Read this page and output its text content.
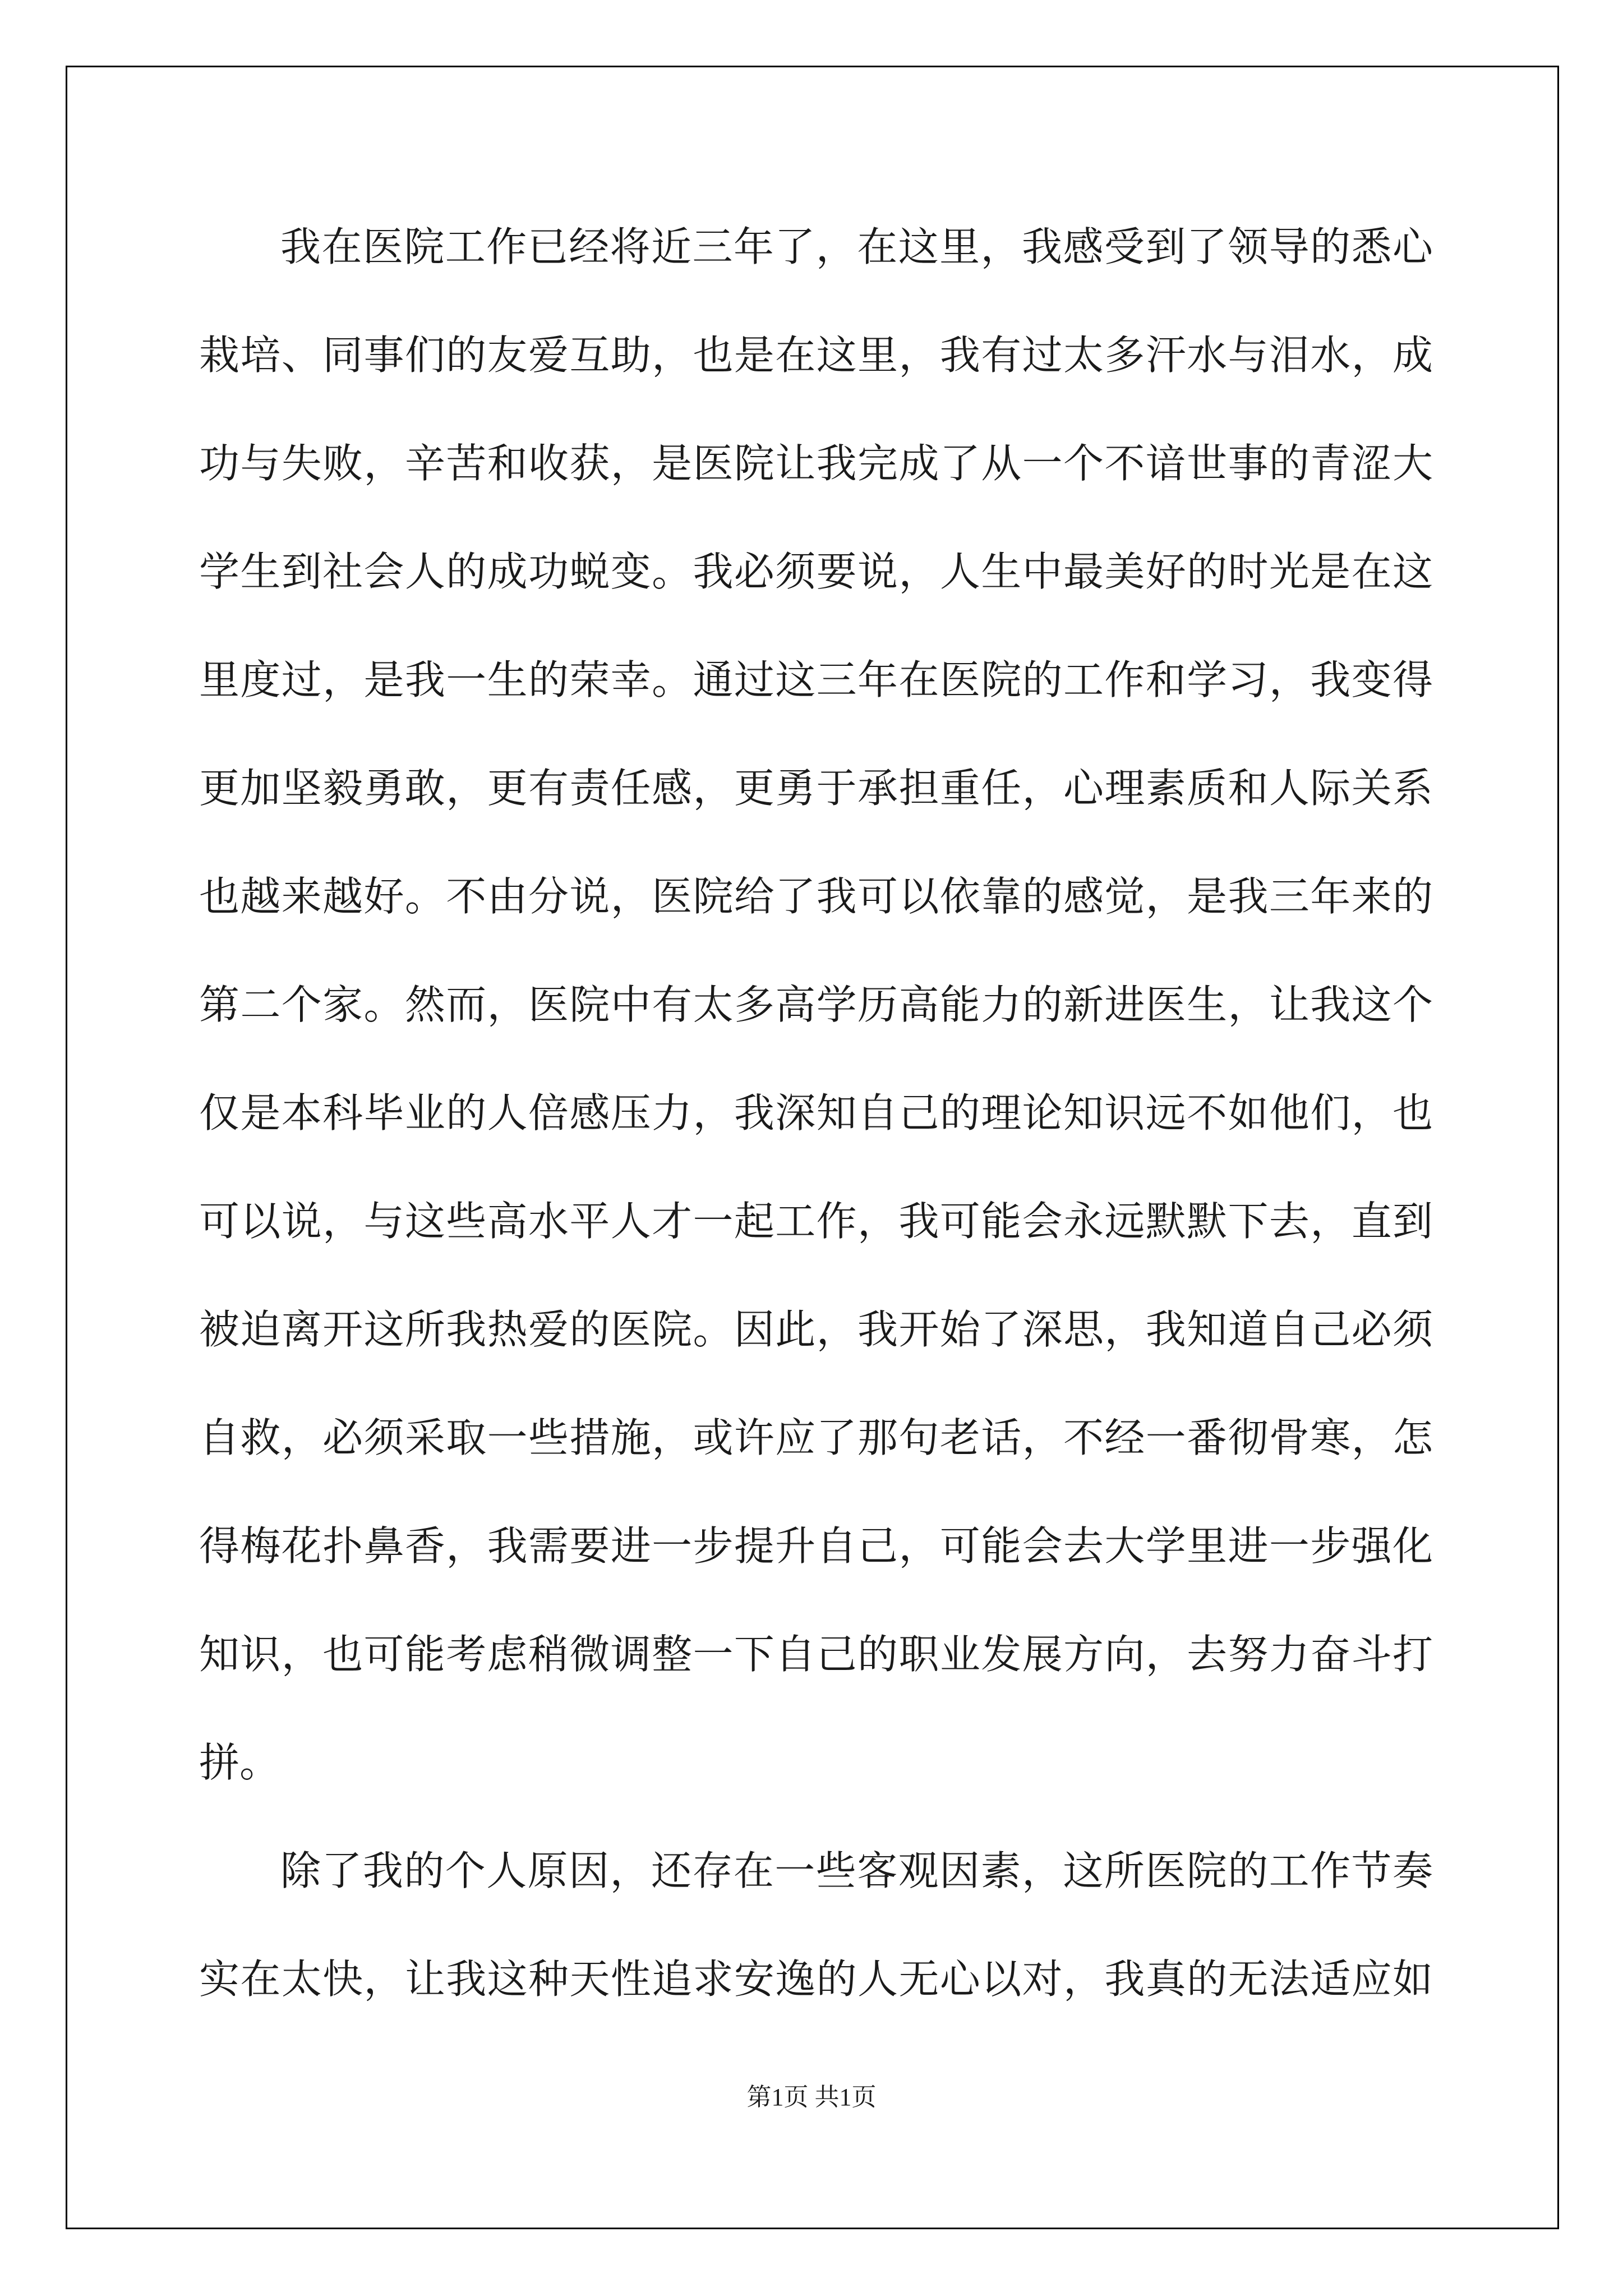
我在医院工作已经将近三年了，在这里，我感受到了领导的悉心
栽培、同事们的友爱互助，也是在这里，我有过太多汗水与泪水，成
功与失败，辛苦和收获，是医院让我完成了从一个不谙世事的青涩大
学生到社会人的成功蜕变。我必须要说，人生中最美好的时光是在这
里度过，是我一生的荣幸。通过这三年在医院的工作和学习，我变得
更加坚毅勇敢，更有责任感，更勇于承担重任，心理素质和人际关系
也越来越好。不由分说，医院给了我可以依靠的感觉，是我三年来的
第二个家。然而，医院中有太多高学历高能力的新进医生，让我这个
仅是本科毕业的人倍感压力，我深知自己的理论知识远不如他们，也
可以说，与这些高水平人才一起工作，我可能会永远默默下去，直到
被迫离开这所我热爱的医院。因此，我开始了深思，我知道自己必须
自救，必须采取一些措施，或许应了那句老话，不经一番彻骨寒，怎
得梅花扑鼻香，我需要进一步提升自己，可能会去大学里进一步强化
知识，也可能考虑稍微调整一下自己的职业发展方向，去努力奋斗打
拼。
除了我的个人原因，还存在一些客观因素，这所医院的工作节奏
实在太快，让我这种天性追求安逸的人无心以对，我真的无法适应如
第1页 共1页
